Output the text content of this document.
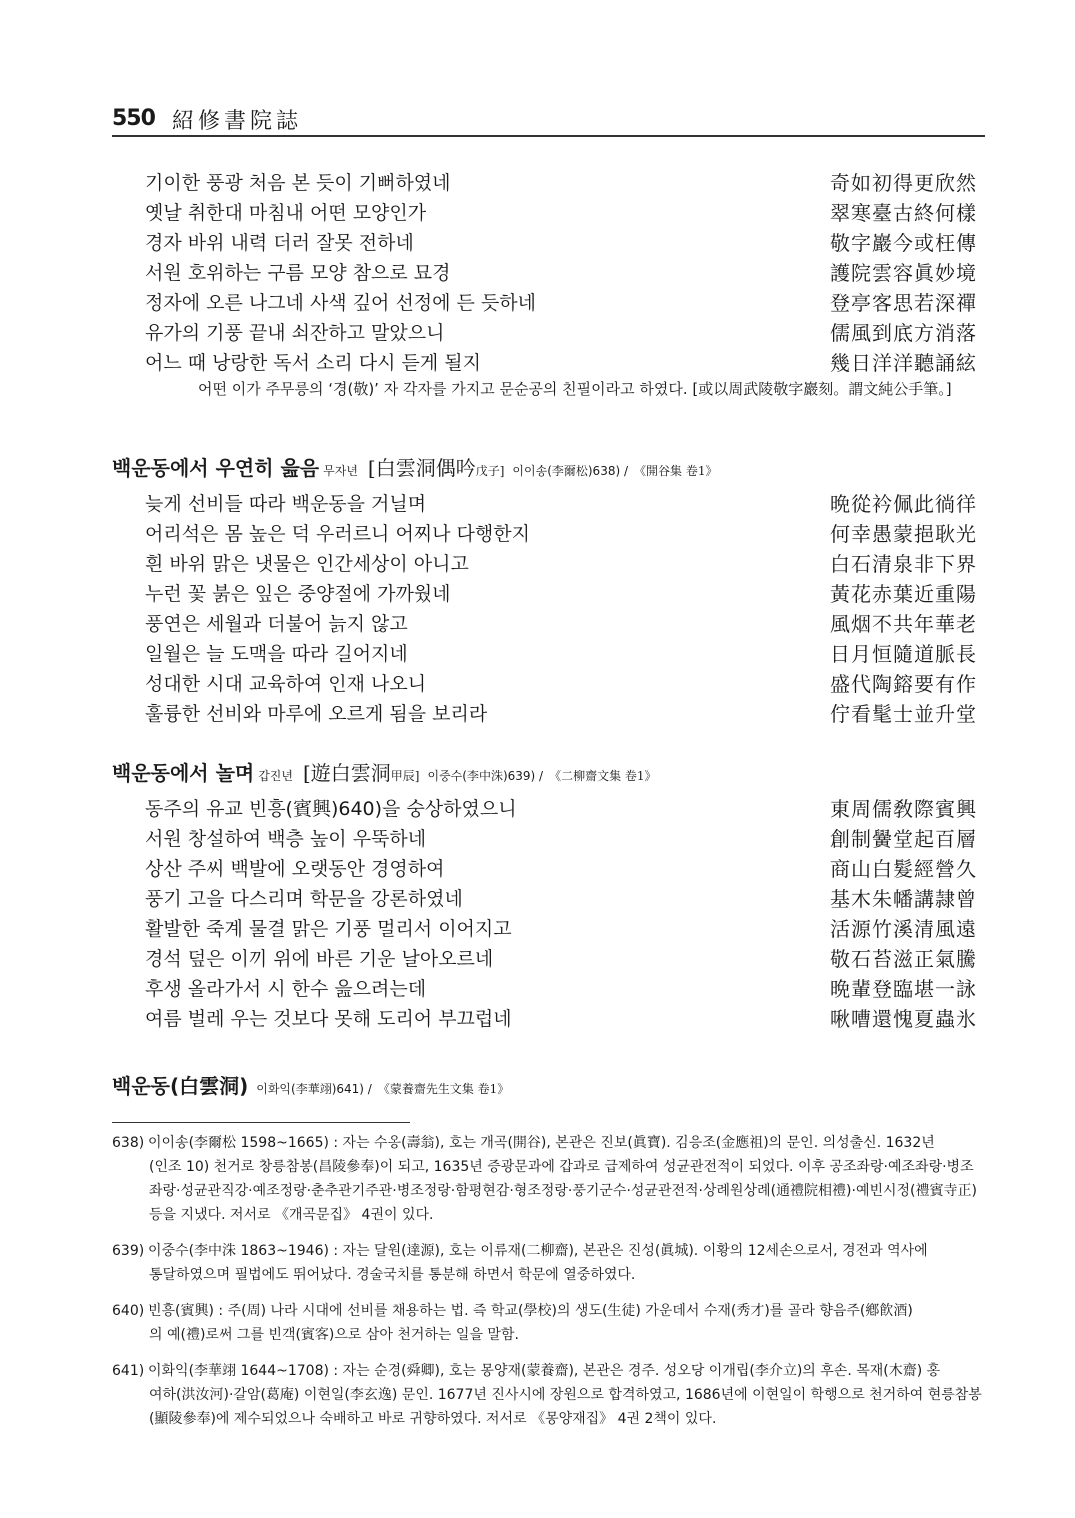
550 紹修書院誌
기이한 풍광 처음 본 듯이 기뻐하였네	奇如初得更欣然
옛날 취한대 마침내 어떤 모양인가	翠寒臺古終何樣
경자 바위 내력 더러 잘못 전하네	敬字巖今或枉傳
서원 호위하는 구름 모양 참으로 묘경	護院雲容眞妙境
정자에 오른 나그네 사색 깊어 선정에 든 듯하네	登亭客思若深禪
유가의 기풍 끝내 쇠잔하고 말았으니	儒風到底方消落
어느 때 낭랑한 독서 소리 다시 듣게 될지	幾日洋洋聽誦絃
어떤 이가 주무릉의 ‘경(敬)’ 자 각자를 가지고 문순공의 친필이라고 하였다. [或以周武陵敬字巖刻。謂文純公手筆。]
백운동에서 우연히 읊음 무자년 [白雲洞偶吟戊子] 이이송(李爾松)638) / 《開谷集 卷1》
늦게 선비들 따라 백운동을 거닐며	晩從衿佩此徜徉
어리석은 몸 높은 덕 우러르니 어찌나 다행한지	何幸愚蒙挹耿光
흰 바위 맑은 냇물은 인간세상이 아니고	白石清泉非下界
누런 꽃 붉은 잎은 중양절에 가까웠네	黃花赤葉近重陽
풍연은 세월과 더불어 늙지 않고	風烟不共年華老
일월은 늘 도맥을 따라 길어지네	日月恒隨道脈長
성대한 시대 교육하여 인재 나오니	盛代陶鎔要有作
훌륭한 선비와 마루에 오르게 됨을 보리라	佇看髦士並升堂
백운동에서 놀며 갑진년 [遊白雲洞甲辰] 이중수(李中洙)639) / 《二柳齋文集 卷1》
동주의 유교 빈흥(賓興)640)을 숭상하였으니	東周儒敎際賓興
서원 창설하여 백층 높이 우뚝하네	創制黌堂起百層
상산 주씨 백발에 오랫동안 경영하여	商山白髮經營久
풍기 고을 다스리며 학문을 강론하였네	基木朱幡講隷曾
활발한 죽계 물결 맑은 기풍 멀리서 이어지고	活源竹溪清風遠
경석 덮은 이끼 위에 바른 기운 날아오르네	敬石苔滋正氣騰
후생 올라가서 시 한수 읊으려는데	晩輩登臨堪一詠
여름 벌레 우는 것보다 못해 도리어 부끄럽네	啾嘈還愧夏蟲氷
백운동(白雲洞) 이화익(李華翊)641) / 《蒙養齋先生文集 卷1》
638) 이이송(李爾松 1598~1665) : 자는 수옹(壽翁), 호는 개곡(開谷), 본관은 진보(眞寶). 김응조(金應祖)의 문인. 의성출신. 1632년
(인조 10) 천거로 창릉참봉(昌陵參奉)이 되고, 1635년 증광문과에 갑과로 급제하여 성균관전적이 되었다. 이후 공조좌랑·예조좌랑·병조좌랑·성균관직강·예조정랑·춘추관기주관·병조정랑·함평현감·형조정랑·풍기군수·성균관전적·상례원상례(通禮院相禮)·예빈시정(禮賓寺正) 등을 지냈다. 저서로 《개곡문집》 4권이 있다.
639) 이중수(李中洙 1863~1946) : 자는 달원(達源), 호는 이류재(二柳齋), 본관은 진성(眞城). 이황의 12세손으로서, 경전과 역사에
통달하였으며 필법에도 뛰어났다. 경술국치를 통분해 하면서 학문에 열중하였다.
640) 빈흥(賓興) : 주(周) 나라 시대에 선비를 채용하는 법. 즉 학교(學校)의 생도(生徒) 가운데서 수재(秀才)를 골라 향음주(鄕飮酒)
의 예(禮)로써 그를 빈객(賓客)으로 삼아 천거하는 일을 말함.
641) 이화익(李華翊 1644~1708) : 자는 순경(舜卿), 호는 몽양재(蒙養齋), 본관은 경주. 성오당 이개립(李介立)의 후손. 목재(木齋) 홍
여하(洪汝河)·갈암(葛庵) 이현일(李玄逸) 문인. 1677년 진사시에 장원으로 합격하였고, 1686년에 이현일이 학행으로 천거하여 현릉참봉(顯陵參奉)에 제수되었으나 숙배하고 바로 귀향하였다. 저서로 《몽양재집》 4권 2책이 있다.
